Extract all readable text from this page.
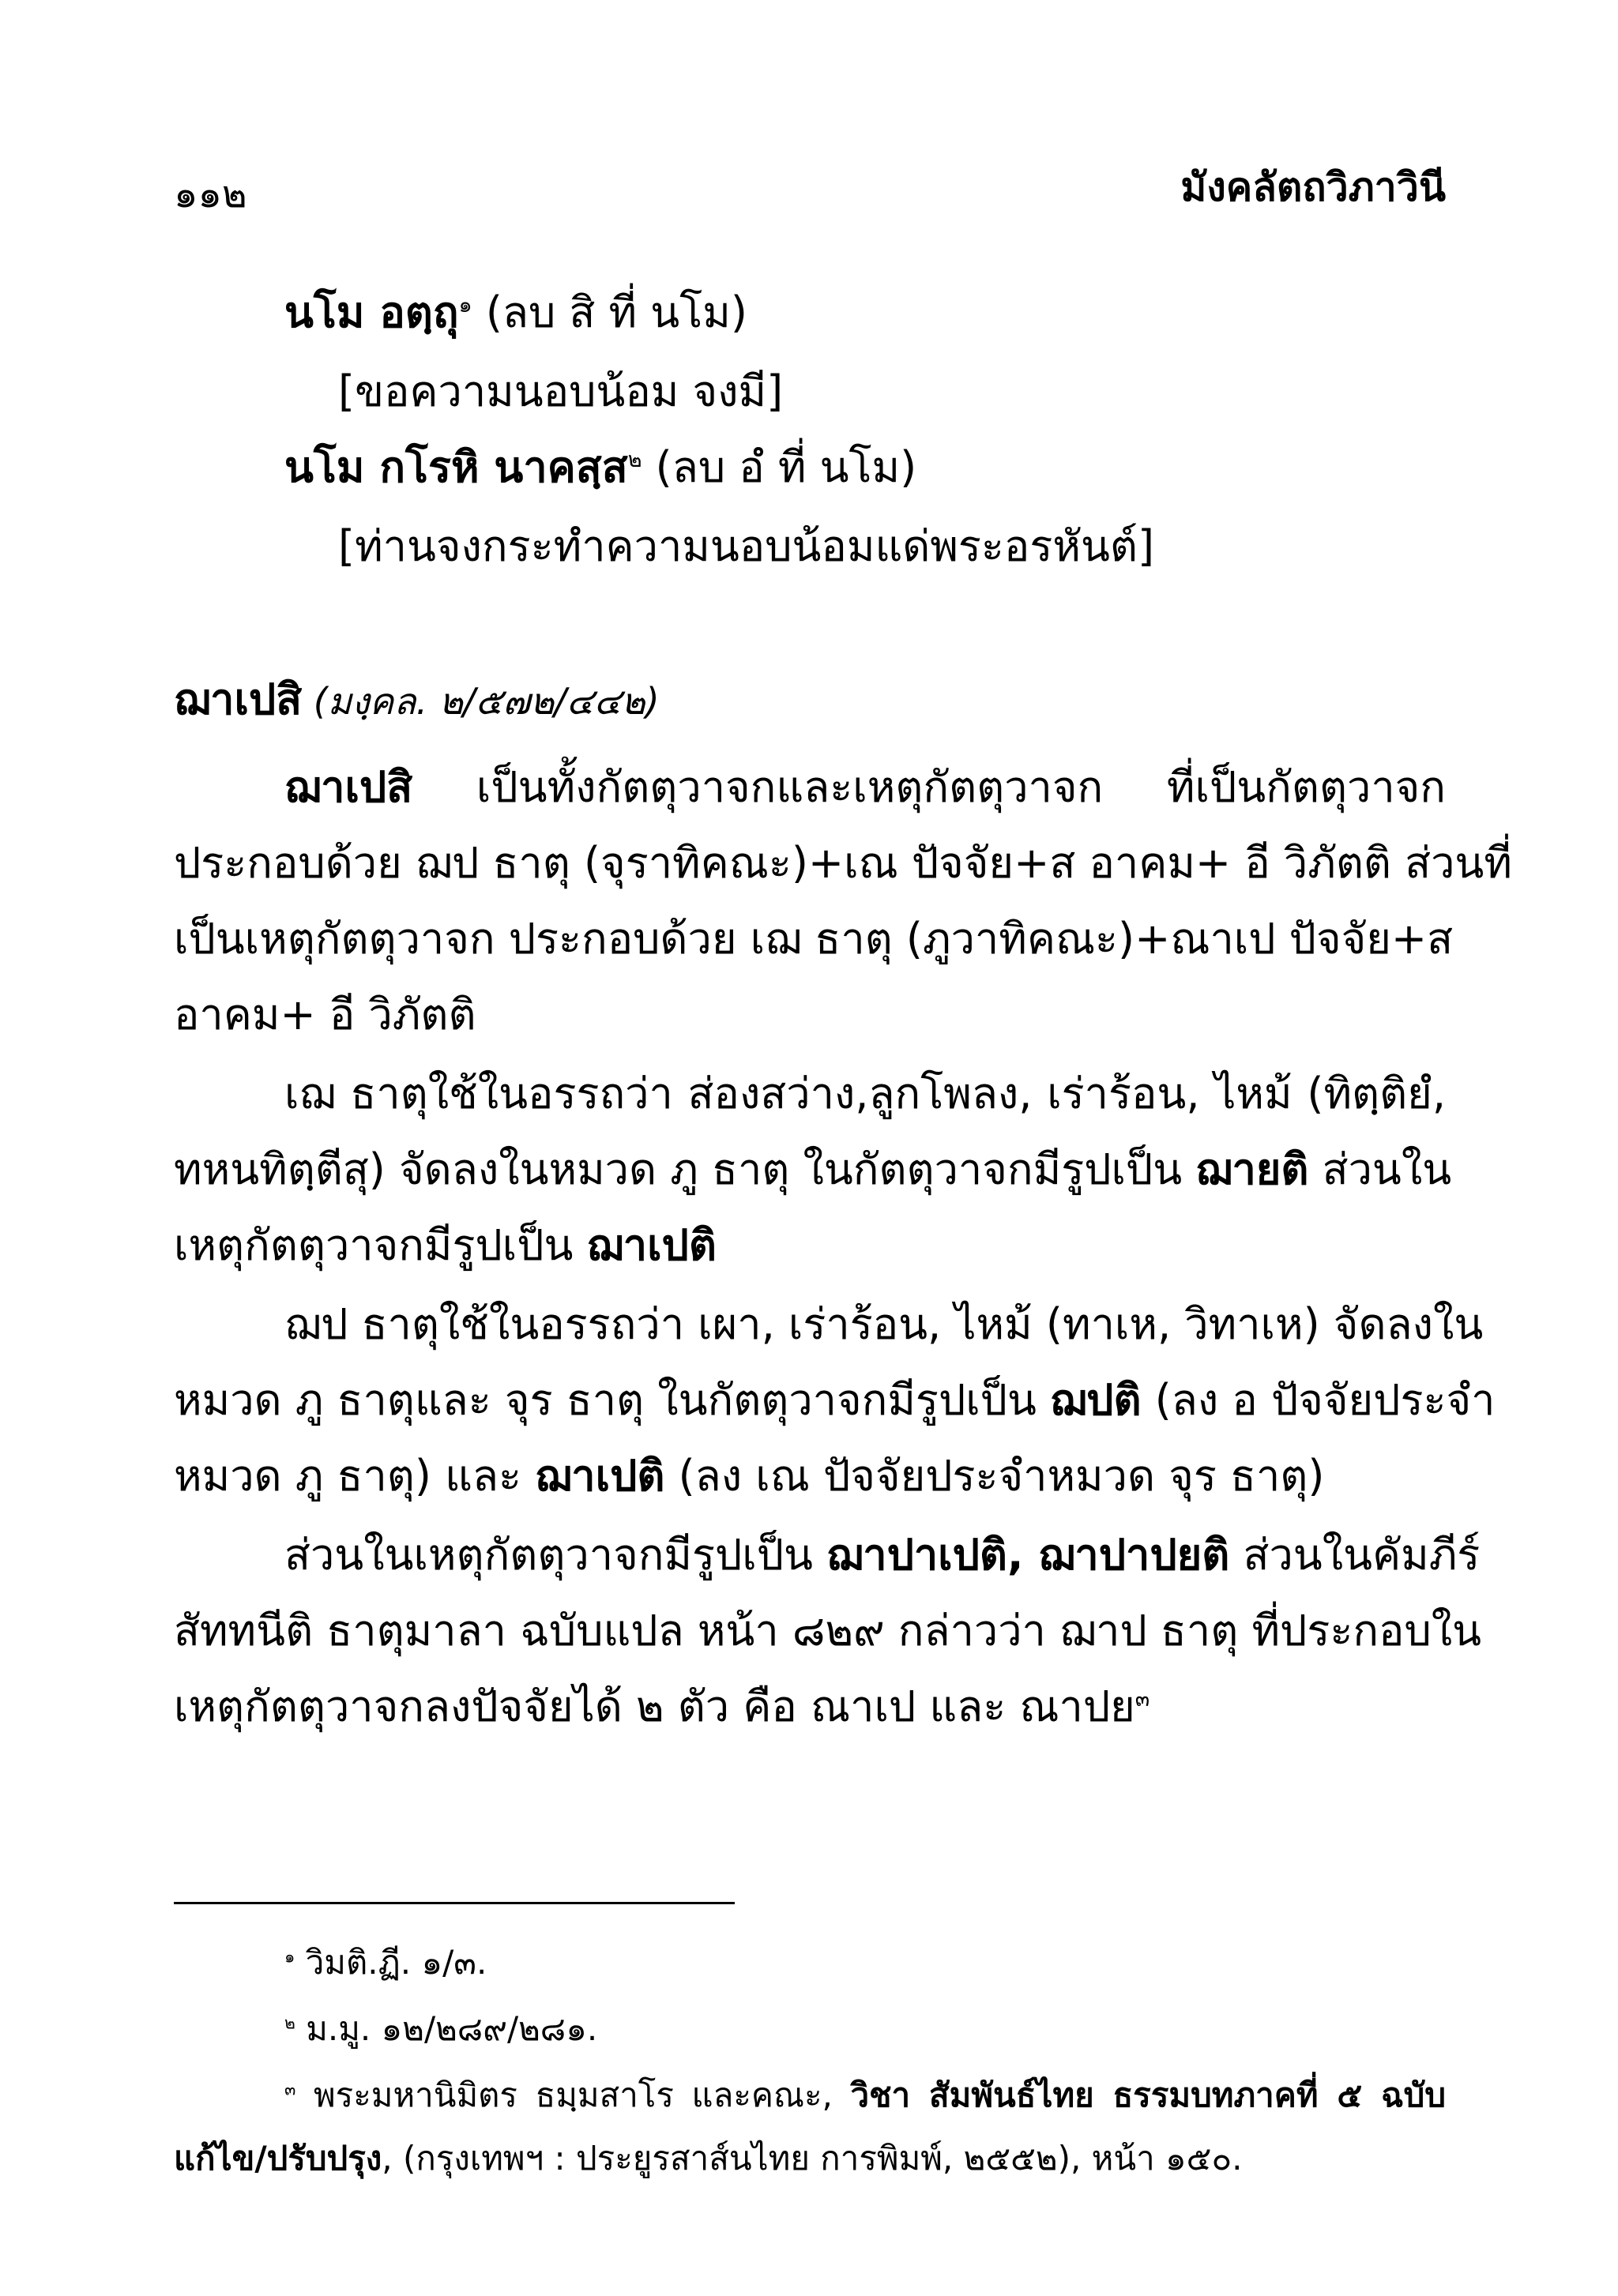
๑๑๒	มังคลัตถวิภาวินี
นโม อตฺถุ$^๑$ (ลบ สิ ที่ นโม)
[ขอความนอบน้อม จงมี]
นโม กโรหิ นาคสฺส$^๒$ (ลบ อํ ที่ นโม)
[ท่านจงกระทำความนอบน้อมแด่พระอรหันต์]
ฌาเปสิ (มงฺคล. ๒/๕๗๒/๔๔๒)
ฌาเปสิ เป็นทั้งกัตตุวาจกและเหตุกัตตุวาจก ที่เป็นกัตตุวาจก
ประกอบด้วย ฌป ธาตุ (จุราทิคณะ)+เณ ปัจจัย+ส อาคม+ อี วิภัตติ ส่วนที่
เป็นเหตุกัตตุวาจก ประกอบด้วย เฌ ธาตุ (ภูวาทิคณะ)+ณาเป ปัจจัย+ส
อาคม+ อี วิภัตติ
เฌ ธาตุใช้ในอรรถว่า ส่องสว่าง,ลูกโพลง, เร่าร้อน, ไหม้ (ทิตฺติยํ,
ทหนทิตฺตีสุ) จัดลงในหมวด ภู ธาตุ ในกัตตุวาจกมีรูปเป็น ฌายติ ส่วนใน
เหตุกัตตุวาจกมีรูปเป็น ฌาเปติ
ฌป ธาตุใช้ในอรรถว่า เผา, เร่าร้อน, ไหม้ (ทาเห, วิทาเห) จัดลงใน
หมวด ภู ธาตุและ จุร ธาตุ ในกัตตุวาจกมีรูปเป็น ฌปติ (ลง อ ปัจจัยประจำ
หมวด ภู ธาตุ) และ ฌาเปติ (ลง เณ ปัจจัยประจำหมวด จุร ธาตุ)
ส่วนในเหตุกัตตุวาจกมีรูปเป็น ฌาปาเปติ, ฌาปาปยติ ส่วนในคัมภีร์
สัททนีติ ธาตุมาลา ฉบับแปล หน้า ๘๒๙ กล่าวว่า ฌาป ธาตุ ที่ประกอบใน
เหตุกัตตุวาจกลงปัจจัยได้ ๒ ตัว คือ ณาเป และ ณาปย$^๓$
$^๑$ วิมติ.ฏี. ๑/๓.
$^๒$ ม.มู. ๑๒/๒๘๙/๒๘๑.
$^๓$ พระมหานิมิตร ธมฺมสาโร และคณะ, วิชา สัมพันธ์ไทย ธรรมบทภาคที่ ๕ ฉบับ
แก้ไข/ปรับปรุง, (กรุงเทพฯ : ประยูรสาส์นไทย การพิมพ์, ๒๕๕๒), หน้า ๑๕๐.
